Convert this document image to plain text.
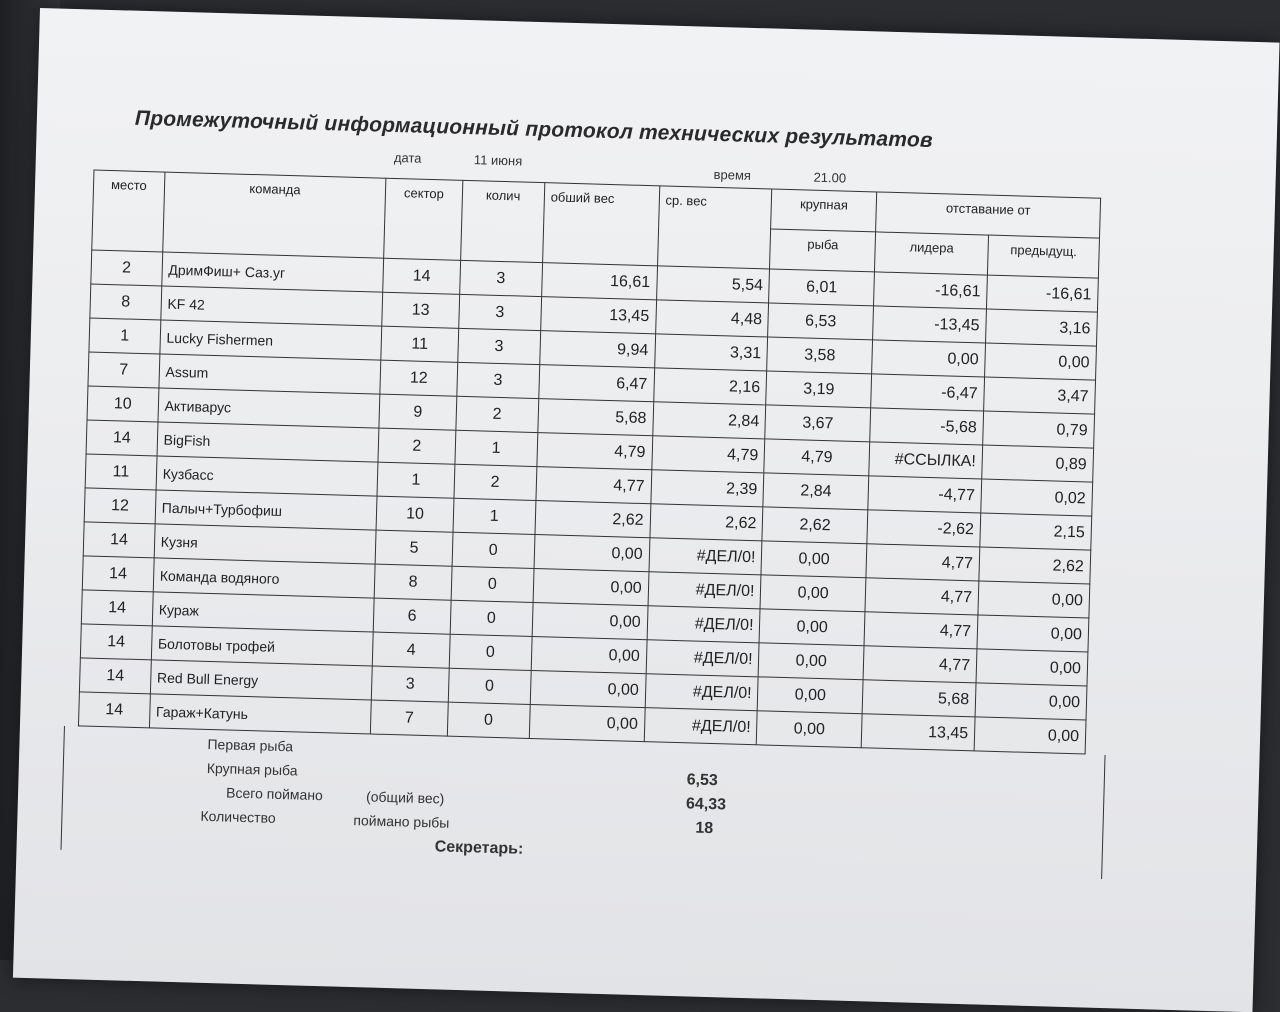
Промежуточный информационный протокол технических результатов
дата	11 июня
время	21.00
место	команда	сектор	колич	обший вес	ср. вес	крупная	отставание от	
						рыба	лидера	предыдущ.
2	ДримФиш+ Саз.уг	14	3	16,61	5,54	6,01	-16,61	-16,61
8	KF 42	13	3	13,45	4,48	6,53	-13,45	3,16
1	Lucky Fishermen	11	3	9,94	3,31	3,58	0,00	0,00
7	Assum	12	3	6,47	2,16	3,19	-6,47	3,47
10	Активарус	9	2	5,68	2,84	3,67	-5,68	0,79
14	BigFish	2	1	4,79	4,79	4,79	#ССЫЛКА!	0,89
11	Кузбасс	1	2	4,77	2,39	2,84	-4,77	0,02
12	Палыч+Турбофиш	10	1	2,62	2,62	2,62	-2,62	2,15
14	Кузня	5	0	0,00	#ДЕЛ/0!	0,00	4,77	2,62
14	Команда водяного	8	0	0,00	#ДЕЛ/0!	0,00	4,77	0,00
14	Кураж	6	0	0,00	#ДЕЛ/0!	0,00	4,77	0,00
14	Болотовы трофей	4	0	0,00	#ДЕЛ/0!	0,00	4,77	0,00
14	Red Bull Energy	3	0	0,00	#ДЕЛ/0!	0,00	5,68	0,00
14	Гараж+Катунь	7	0	0,00	#ДЕЛ/0!	0,00	13,45	0,00
Первая рыба
Крупная рыба
6,53
Всего поймано	(общий вес)	64,33
Количество	поймано рыбы	18
Секретарь:
